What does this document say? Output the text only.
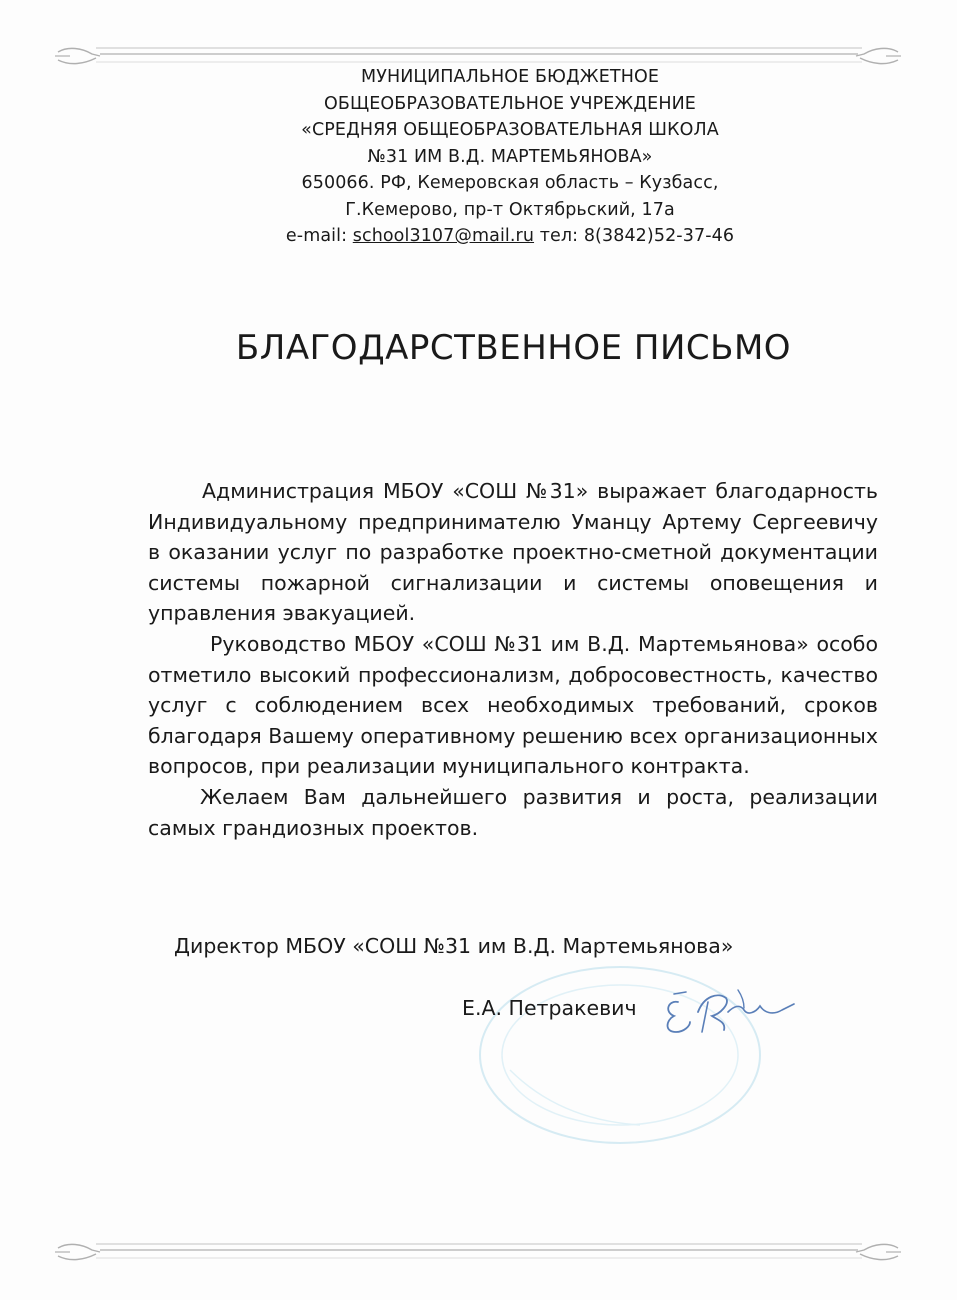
МУНИЦИПАЛЬНОЕ БЮДЖЕТНОЕ
ОБЩЕОБРАЗОВАТЕЛЬНОЕ УЧРЕЖДЕНИЕ
«СРЕДНЯЯ ОБЩЕОБРАЗОВАТЕЛЬНАЯ ШКОЛА
№31 ИМ В.Д. МАРТЕМЬЯНОВА»
650066. РФ, Кемеровская область – Кузбасс,
Г.Кемерово, пр-т Октябрьский, 17а
e-mail: school3107@mail.ru тел: 8(3842)52-37-46
БЛАГОДАРСТВЕННОЕ ПИСЬМО

Администрация МБОУ «СОШ №31» выражает благодарность Индивидуальному предпринимателю Уманцу Артему Сергеевичу в оказании услуг по разработке проектно-сметной документации системы пожарной сигнализации и системы оповещения и управления эвакуацией.

Руководство МБОУ «СОШ №31 им В.Д. Мартемьянова» особо отметило высокий профессионализм, добросовестность, качество услуг с соблюдением всех необходимых требований, сроков благодаря Вашему оперативному решению всех организационных вопросов, при реализации муниципального контракта.

Желаем Вам дальнейшего развития и роста, реализации самых грандиозных проектов.

Директор МБОУ «СОШ №31 им В.Д. Мартемьянова»
Е.А. Петракевич
